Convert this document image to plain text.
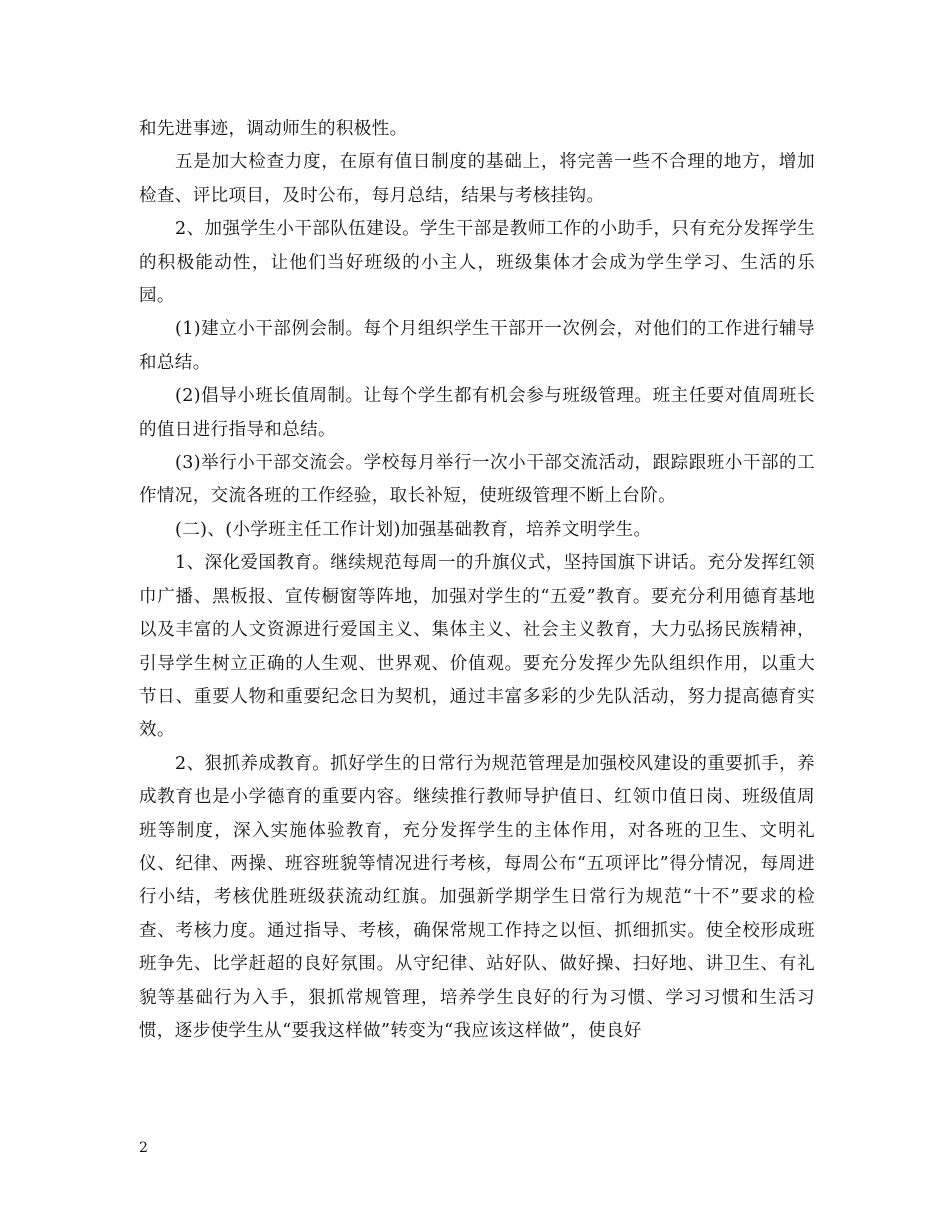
和先进事迹，调动师生的积极性。

五是加大检查力度，在原有值日制度的基础上，将完善一些不合理的地方，增加检查、评比项目，及时公布，每月总结，结果与考核挂钩。

2、加强学生小干部队伍建设。学生干部是教师工作的小助手，只有充分发挥学生的积极能动性，让他们当好班级的小主人，班级集体才会成为学生学习、生活的乐园。

(1)建立小干部例会制。每个月组织学生干部开一次例会，对他们的工作进行辅导和总结。

(2)倡导小班长值周制。让每个学生都有机会参与班级管理。班主任要对值周班长的值日进行指导和总结。

(3)举行小干部交流会。学校每月举行一次小干部交流活动，跟踪跟班小干部的工作情况，交流各班的工作经验，取长补短，使班级管理不断上台阶。

(二)、(小学班主任工作计划)加强基础教育，培养文明学生。

1、深化爱国教育。继续规范每周一的升旗仪式，坚持国旗下讲话。充分发挥红领巾广播、黑板报、宣传橱窗等阵地，加强对学生的“五爱”教育。要充分利用德育基地以及丰富的人文资源进行爱国主义、集体主义、社会主义教育，大力弘扬民族精神，引导学生树立正确的人生观、世界观、价值观。要充分发挥少先队组织作用，以重大节日、重要人物和重要纪念日为契机，通过丰富多彩的少先队活动，努力提高德育实效。

2、狠抓养成教育。抓好学生的日常行为规范管理是加强校风建设的重要抓手，养成教育也是小学德育的重要内容。继续推行教师导护值日、红领巾值日岗、班级值周班等制度，深入实施体验教育，充分发挥学生的主体作用，对各班的卫生、文明礼仪、纪律、两操、班容班貌等情况进行考核，每周公布“五项评比”得分情况，每周进行小结，考核优胜班级获流动红旗。加强新学期学生日常行为规范“十不”要求的检查、考核力度。通过指导、考核，确保常规工作持之以恒、抓细抓实。使全校形成班班争先、比学赶超的良好氛围。从守纪律、站好队、做好操、扫好地、讲卫生、有礼貌等基础行为入手，狠抓常规管理，培养学生良好的行为习惯、学习习惯和生活习惯，逐步使学生从“要我这样做”转变为“我应该这样做”，使良好

2
